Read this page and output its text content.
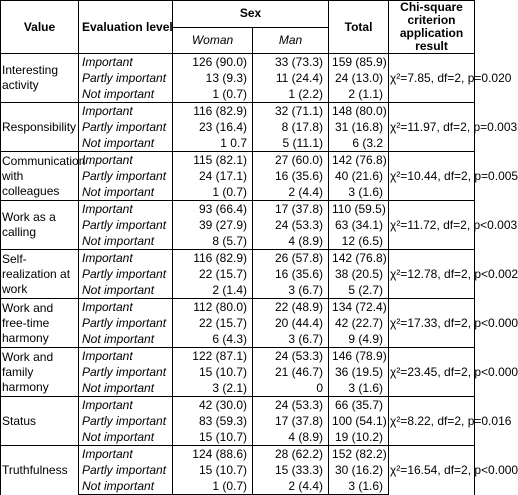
Value	Evaluation level	Sex		Total	Chi-square criterion application result
		Woman	Man		
Interesting activity	Important	126 (90.0)	33 (73.3)	159 (85.9)	χ²=7.85, df=2, p=0.020
	Partly important	13 (9.3)	11 (24.4)	24 (13.0)	
	Not important	1 (0.7)	1 (2.2)	2 (1.1)	
Responsibility	Important	116 (82.9)	32 (71.1)	148 (80.0)	χ²=11.97, df=2, p=0.003
	Partly important	23 (16.4)	8 (17.8)	31 (16.8)	
	Not important	1 0.7	5 (11.1)	6 (3.2	
Communication with colleagues	Important	115 (82.1)	27 (60.0)	142 (76.8)	χ²=10.44, df=2, p=0.005
	Partly important	24 (17.1)	16 (35.6)	40 (21.6)	
	Not important	1 (0.7)	2 (4.4)	3 (1.6)	
Work as a calling	Important	93 (66.4)	17 (37.8)	110 (59.5)	χ²=11.72, df=2, p<0.003
	Partly important	39 (27.9)	24 (53.3)	63 (34.1)	
	Not important	8 (5.7)	4 (8.9)	12 (6.5)	
Self-realization at work	Important	116 (82.9)	26 (57.8)	142 (76.8)	χ²=12.78, df=2, p<0.002
	Partly important	22 (15.7)	16 (35.6)	38 (20.5)	
	Not important	2 (1.4)	3 (6.7)	5 (2.7)	
Work and free-time harmony	Important	112 (80.0)	22 (48.9)	134 (72.4)	χ²=17.33, df=2, p<0.000
	Partly important	22 (15.7)	20 (44.4)	42 (22.7)	
	Not important	6 (4.3)	3 (6.7)	9 (4.9)	
Work and family harmony	Important	122 (87.1)	24 (53.3)	146 (78.9)	χ²=23.45, df=2, p<0.000
	Partly important	15 (10.7)	21 (46.7)	36 (19.5)	
	Not important	3 (2.1)	0	3 (1.6)	
Status	Important	42 (30.0)	24 (53.3)	66 (35.7)	χ²=8.22, df=2, p=0.016
	Partly important	83 (59.3)	17 (37.8)	100 (54.1)	
	Not important	15 (10.7)	4 (8.9)	19 (10.2)	
Truthfulness	Important	124 (88.6)	28 (62.2)	152 (82.2)	χ²=16.54, df=2, p<0.000
	Partly important	15 (10.7)	15 (33.3)	30 (16.2)	
	Not important	1 (0.7)	2 (4.4)	3 (1.6)	
